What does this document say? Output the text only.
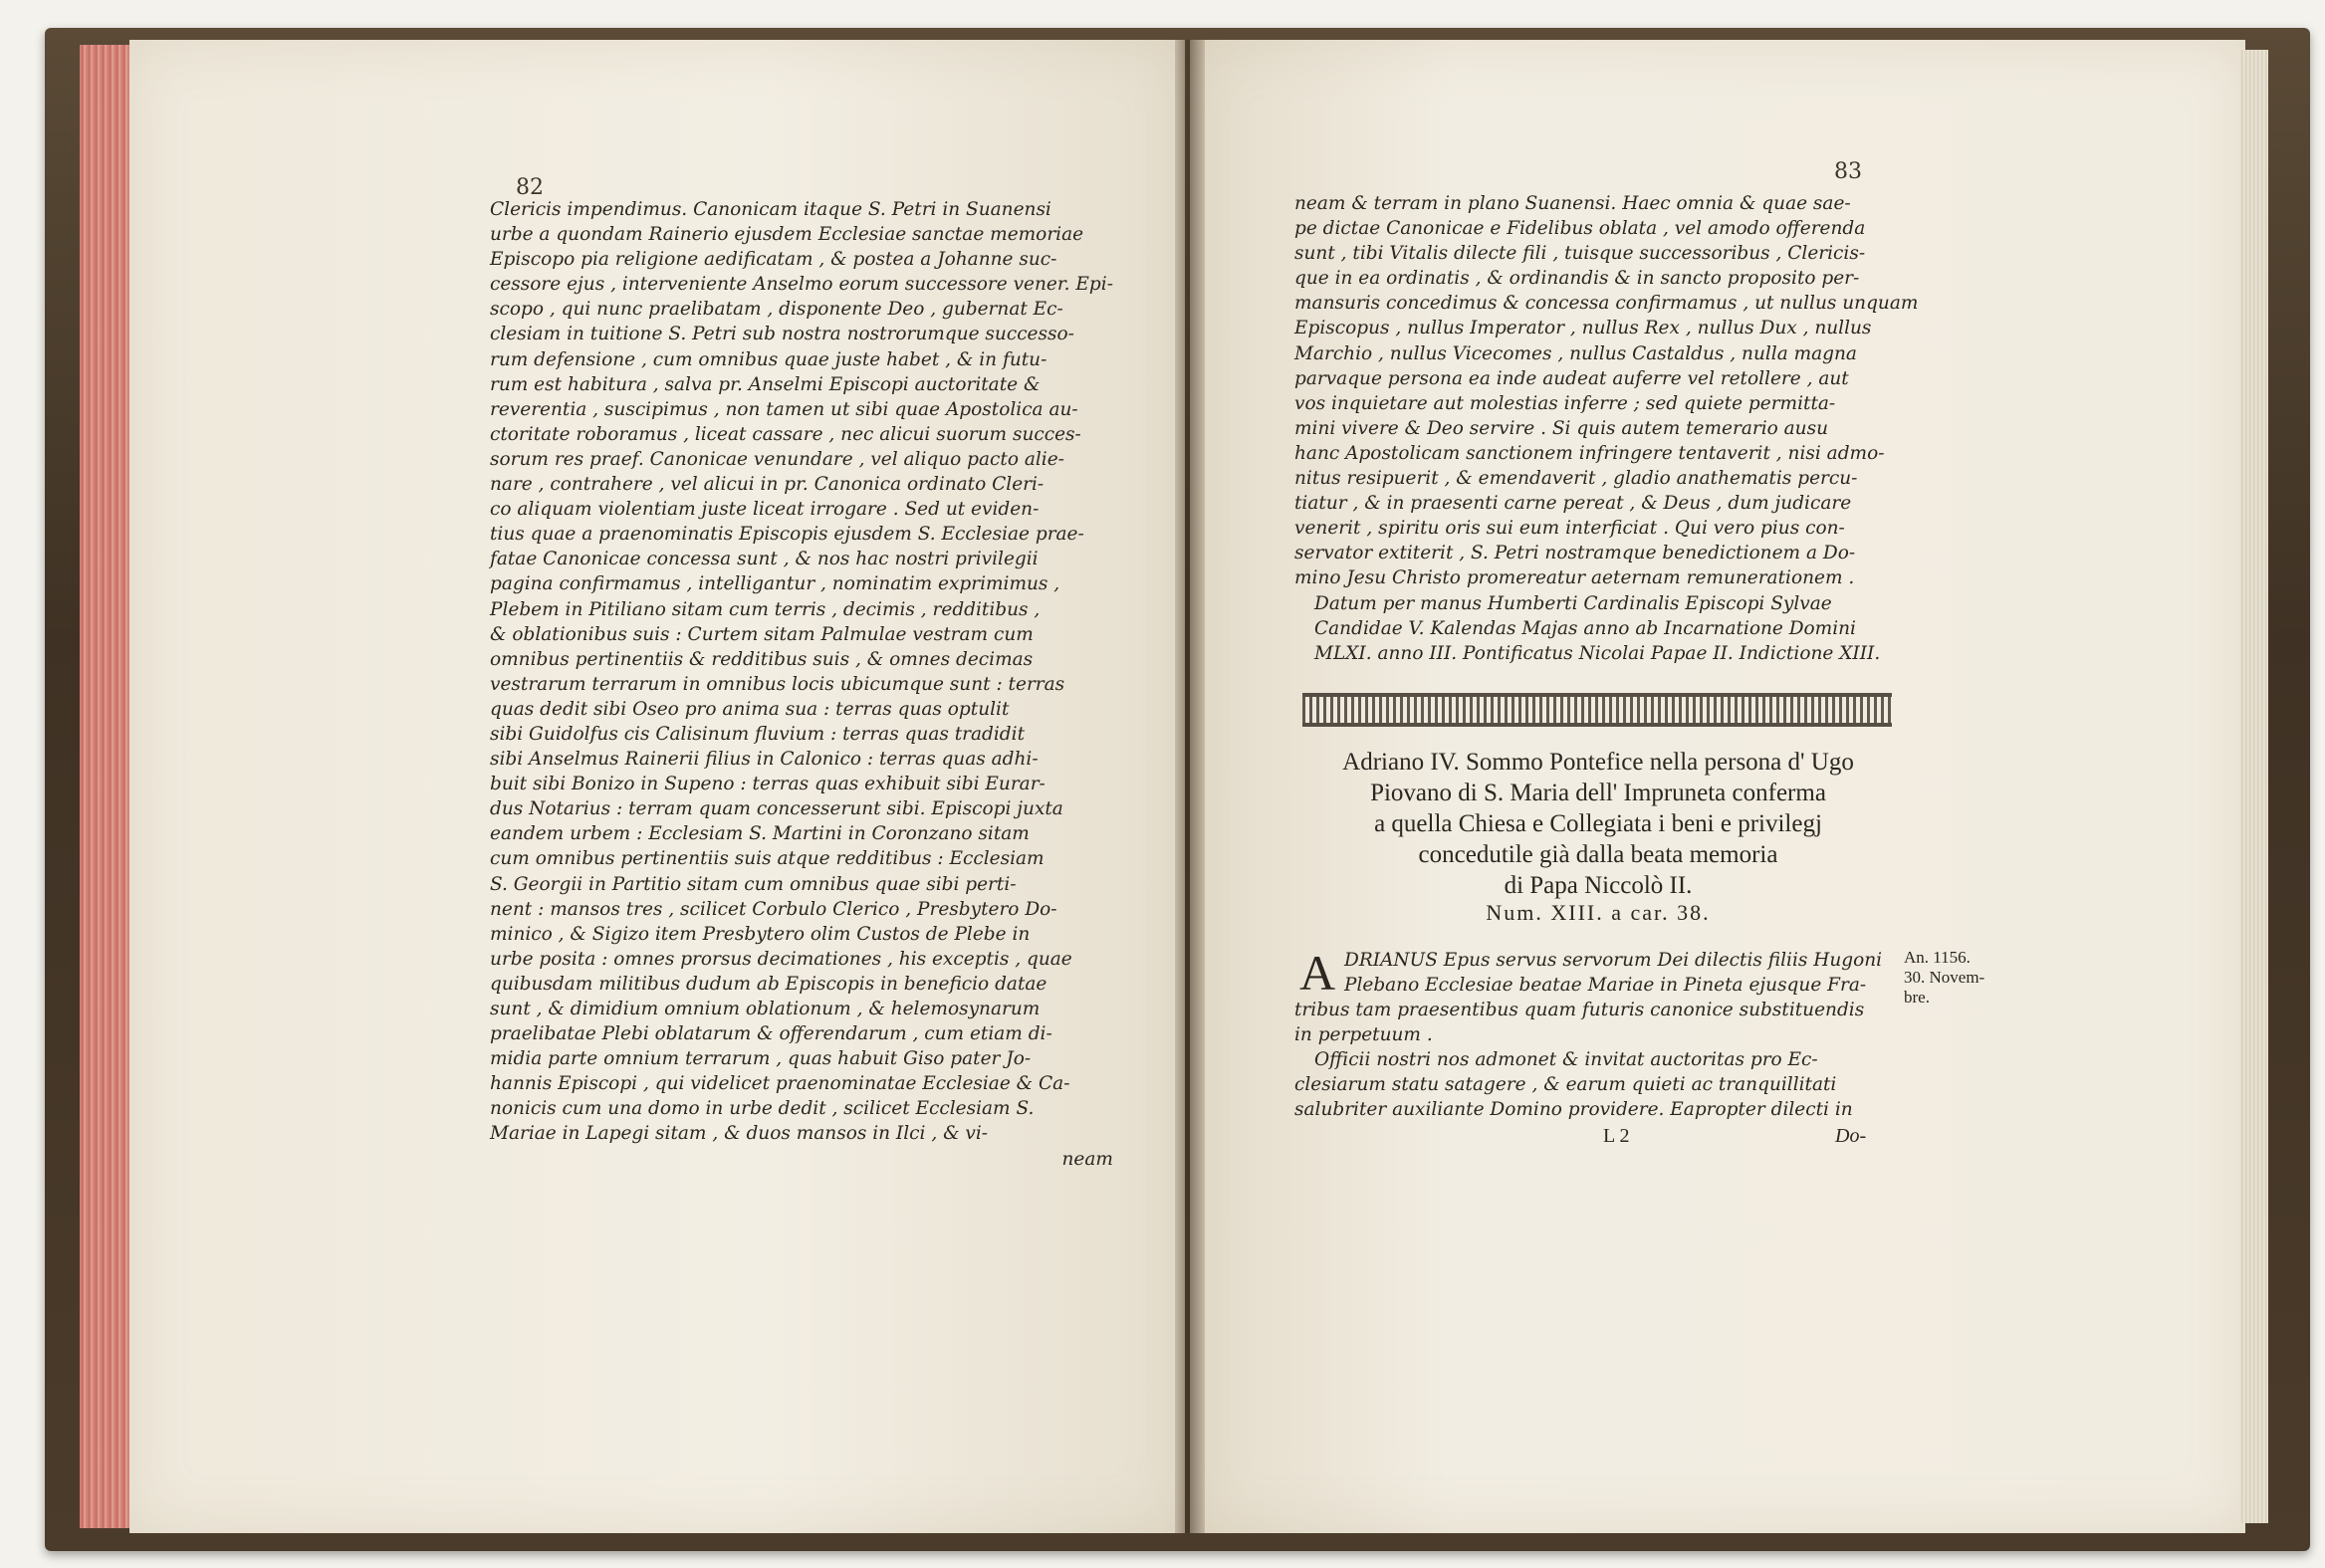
82
Clericis impendimus. Canonicam itaque S. Petri in Suanensi
urbe a quondam Rainerio ejusdem Ecclesiae sanctae memoriae
Episcopo pia religione aedificatam , & postea a Johanne suc-
cessore ejus , interveniente Anselmo eorum successore vener. Epi-
scopo , qui nunc praelibatam , disponente Deo , gubernat Ec-
clesiam in tuitione S. Petri sub nostra nostrorumque successo-
rum defensione , cum omnibus quae juste habet , & in futu-
rum est habitura , salva pr. Anselmi Episcopi auctoritate &
reverentia , suscipimus , non tamen ut sibi quae Apostolica au-
ctoritate roboramus , liceat cassare , nec alicui suorum succes-
sorum res praef. Canonicae venundare , vel aliquo pacto alie-
nare , contrahere , vel alicui in pr. Canonica ordinato Cleri-
co aliquam violentiam juste liceat irrogare . Sed ut eviden-
tius quae a praenominatis Episcopis ejusdem S. Ecclesiae prae-
fatae Canonicae concessa sunt , & nos hac nostri privilegii
pagina confirmamus , intelligantur , nominatim exprimimus ,
Plebem in Pitiliano sitam cum terris , decimis , redditibus ,
& oblationibus suis : Curtem sitam Palmulae vestram cum
omnibus pertinentiis & redditibus suis , & omnes decimas
vestrarum terrarum in omnibus locis ubicumque sunt : terras
quas dedit sibi Oseo pro anima sua : terras quas optulit
sibi Guidolfus cis Calisinum fluvium : terras quas tradidit
sibi Anselmus Rainerii filius in Calonico : terras quas adhi-
buit sibi Bonizo in Supeno : terras quas exhibuit sibi Eurar-
dus Notarius : terram quam concesserunt sibi. Episcopi juxta
eandem urbem : Ecclesiam S. Martini in Coronzano sitam
cum omnibus pertinentiis suis atque redditibus : Ecclesiam
S. Georgii in Partitio sitam cum omnibus quae sibi perti-
nent : mansos tres , scilicet Corbulo Clerico , Presbytero Do-
minico , & Sigizo item Presbytero olim Custos de Plebe in
urbe posita : omnes prorsus decimationes , his exceptis , quae
quibusdam militibus dudum ab Episcopis in beneficio datae
sunt , & dimidium omnium oblationum , & helemosynarum
praelibatae Plebi oblatarum & offerendarum , cum etiam di-
midia parte omnium terrarum , quas habuit Giso pater Jo-
hannis Episcopi , qui videlicet praenominatae Ecclesiae & Ca-
nonicis cum una domo in urbe dedit , scilicet Ecclesiam S.
Mariae in Lapegi sitam , & duos mansos in Ilci , & vi-
neam
83
neam & terram in plano Suanensi. Haec omnia & quae sae-
pe dictae Canonicae e Fidelibus oblata , vel amodo offerenda
sunt , tibi Vitalis dilecte fili , tuisque successoribus , Clericis-
que in ea ordinatis , & ordinandis & in sancto proposito per-
mansuris concedimus & concessa confirmamus , ut nullus unquam
Episcopus , nullus Imperator , nullus Rex , nullus Dux , nullus
Marchio , nullus Vicecomes , nullus Castaldus , nulla magna
parvaque persona ea inde audeat auferre vel retollere , aut
vos inquietare aut molestias inferre ; sed quiete permitta-
mini vivere & Deo servire . Si quis autem temerario ausu
hanc Apostolicam sanctionem infringere tentaverit , nisi admo-
nitus resipuerit , & emendaverit , gladio anathematis percu-
tiatur , & in praesenti carne pereat , & Deus , dum judicare
venerit , spiritu oris sui eum interficiat . Qui vero pius con-
servator extiterit , S. Petri nostramque benedictionem a Do-
mino Jesu Christo promereatur aeternam remunerationem .
Datum per manus Humberti Cardinalis Episcopi Sylvae
Candidae V. Kalendas Majas anno ab Incarnatione Domini
MLXI. anno III. Pontificatus Nicolai Papae II. Indictione XIII.
Adriano IV. Sommo Pontefice nella persona d' Ugo
Piovano di S. Maria dell' Impruneta conferma
a quella Chiesa e Collegiata i beni e privilegj
concedutile già dalla beata memoria
di Papa Niccolò II.
Num. XIII. a car. 38.
A DRIANUS Epus servus servorum Dei dilectis filiis Hugoni
Plebano Ecclesiae beatae Mariae in Pineta ejusque Fra-
tribus tam praesentibus quam futuris canonice substituendis
in perpetuum .
Officii nostri nos admonet & invitat auctoritas pro Ec-
clesiarum statu satagere , & earum quieti ac tranquillitati
salubriter auxiliante Domino providere. Eapropter dilecti in
An. 1156.
30. Novem-
bre.
L 2	Do-
